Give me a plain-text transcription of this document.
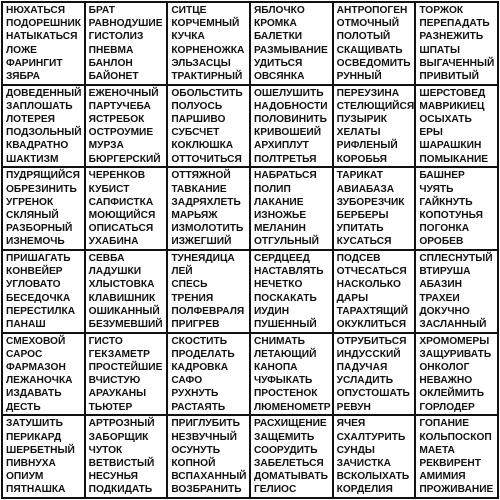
НЮХАТЬСЯ
ПОДОРЕШНИК
НАТЫКАТЬСЯ
ЛОЖЕ
ФАРИНГИТ
ЗЯБРА
БРАТ
РАВНОДУШИЕ
ГИСТОЛИЗ
ПНЕВМА
БАНЛОН
БАЙОНЕТ
СИТЦЕ
КОРЧЕМНЫЙ
КУЧКА
КОРНЕНОЖКА
ЭЛЬЗАСЦЫ
ТРАКТИРНЫЙ
ЯБЛОЧКО
КРОМКА
БАЛЕТКИ
РАЗМЫВАНИЕ
УДИТЬСЯ
ОВСЯНКА
АНТРОПОГЕН
ОТМОЧНЫЙ
ПОЛОТЫЙ
СКАЩИВАТЬ
ОСВЕДОМИТЬ
РУННЫЙ
ТОРЖОК
ПЕРЕПАДАТЬ
РАЗНЕЖИТЬ
ШПАТЫ
ВЫГАЧЕННЫЙ
ПРИВИТЫЙ
ДОВЕДЕННЫЙ
ЗАПЛОШАТЬ
ЛОТЕРЕЯ
ПОДЗОЛЬНЫЙ
КВАДРАТНО
ШАКТИЗМ
ЕЖЕНОЧНЫЙ
ПАРТУЧЕБА
ЯСТРЕБОК
ОСТРОУМИЕ
МУРЗА
БЮРГЕРСКИЙ
ОБОЛЬСТИТЬ
ПОЛУОСЬ
ПАРШИВО
СУБСЧЕТ
КОКЛЮШКА
ОТТОЧИТЬСЯ
ОШЕЛУШИТЬ
НАДОБНОСТИ
ПОЛОВИНИТЬ
КРИВОШЕИЙ
АРХИПЛУТ
ПОЛТРЕТЬЯ
ПЕРЕУЗИНА
СТЕЛЮЩИЙСЯ
ПУЗЫРИК
ХЕЛАТЫ
РИФЛЕНЫЙ
КОРОБЬЯ
ШЕРСТОВЕД
МАВРИКИЕЦ
ОСЫХАТЬ
ЕРЫ
ШАРАШКИН
ПОМЫКАНИЕ
ПУДРЯЩИЙСЯ
ОБРЕЗИНИТЬ
УГРЕНОК
СКЛЯНЫЙ
РАЗБОРНЫЙ
ИЗНЕМОЧЬ
ЧЕРЕНКОВ
КУБИСТ
САПФИСТКА
МОЮЩИЙСЯ
ОПИСАТЬСЯ
УХАБИНА
ОТТЯЖНОЙ
ТАВКАНИЕ
ЗАДРЯХЛЕТЬ
МАРЬЯЖ
ИЗМОЛОТИТЬ
ИЗЖЕГШИЙ
НАБРАТЬСЯ
ПОЛИП
ЛАКАНИЕ
ИЗНОЖЬЕ
МЕЛАНИН
ОТГУЛЬНЫЙ
ТАРИКАТ
АВИАБАЗА
ЗУБОРЕЗЧИК
БЕРБЕРЫ
УПИТАТЬ
КУСАТЬСЯ
БАШНЕР
ЧУЯТЬ
ГАЙКНУТЬ
КОПОТУНЬЯ
ПОГОНКА
ОРОБЕВ
ПРИШАГАТЬ
КОНВЕЙЕР
УГЛОВАТО
БЕСЕДОЧКА
ПЕРЕСТИЛКА
ПАНАШ
СЕВБА
ЛАДУШКИ
ХЛЫСТОВКА
КЛАВИШНИК
ОШИКАННЫЙ
БЕЗУМЕВШИЙ
ТУНЕЯДИЦА
ЛЕЙ
СПЕСЬ
ТРЕНИЯ
ПОЛФЕВРАЛЯ
ПРИГРЕВ
СЕРДЦЕЕД
НАСТАВЛЯТЬ
НЕЧЕТКО
ПОСКАКАТЬ
ИУДИН
ПУШЕННЫЙ
ПОДСЕВ
ОТЧЕСАТЬСЯ
НАСКОЛЬКО
ДАРЫ
ТАРАХТЯЩИЙ
ОКУКЛИТЬСЯ
СПЛЕСНУТЫЙ
ВТИРУША
АБАЗИН
ТРАХЕИ
ДОКУЧНО
ЗАСЛАННЫЙ
СМЕХОВОЙ
САРОС
ФАРМАЗОН
ЛЕЖАНОЧКА
ИЗДАВАТЬ
ДЕСТЬ
ГИСТО
ГЕКЗАМЕТР
ПРОСТЕЙШИЕ
ВЧИСТУЮ
АРАУКАНЫ
ТЬЮТЕР
СКОСТИТЬ
ПРОДЕЛАТЬ
КАДРОВКА
САФО
РУХНУТЬ
РАСТАЯТЬ
СНИМАТЬ
ЛЕТАЮЩИЙ
КАНОПА
ЧУФЫКАТЬ
ПРОСТЕНОК
ЛЮМЕНОМЕТР
ОТРУБИТЬСЯ
ИНДУССКИЙ
ПАДУЧАЯ
УСЛАДИТЬ
ОПУСТОШАТЬ
РЕВУН
ХРОМОМЕРЫ
ЗАЩУРИВАТЬ
ОНКОЛОГ
НЕВАЖНО
ОКЛЕЙМИТЬ
ГОРЛОДЕР
ЗАТУШИТЬ
ПЕРИКАРД
ШЕРБЕТНЫЙ
ПИВНУХА
ОПИУМ
ПЯТНАШКА
АРТРОЗНЫЙ
ЗАБОРЩИК
ЧУТОК
ВЕТВИСТЫЙ
НЕСУНЬЯ
ПОДКИДАТЬ
ПРИГЛУБИТЬ
НЕЗВУЧНЫЙ
ОСУНУТЬ
КОПНОЙ
ВСПАХАННЫЙ
ВОЗБРАНИТЬ
РАСХИЩЕНИЕ
ЗАЩЕМИТЬ
СООРУДИТЬ
ЗАБЕЛЕТЬСЯ
ДОМАТЫВАТЬ
ГЕЛИОС
ЯЧЕЯ
СХАЛТУРИТЬ
СУНДЫ
ЗАЧИСТКА
ВСКОЛЫХАТЬ
КОРДЕЛИЯ
ГОПАНИЕ
КОЛЬПОСКОП
МАЕТА
РЕКВИРЕНТ
АМИМИЯ
ПРОЖИВАНИЕ
